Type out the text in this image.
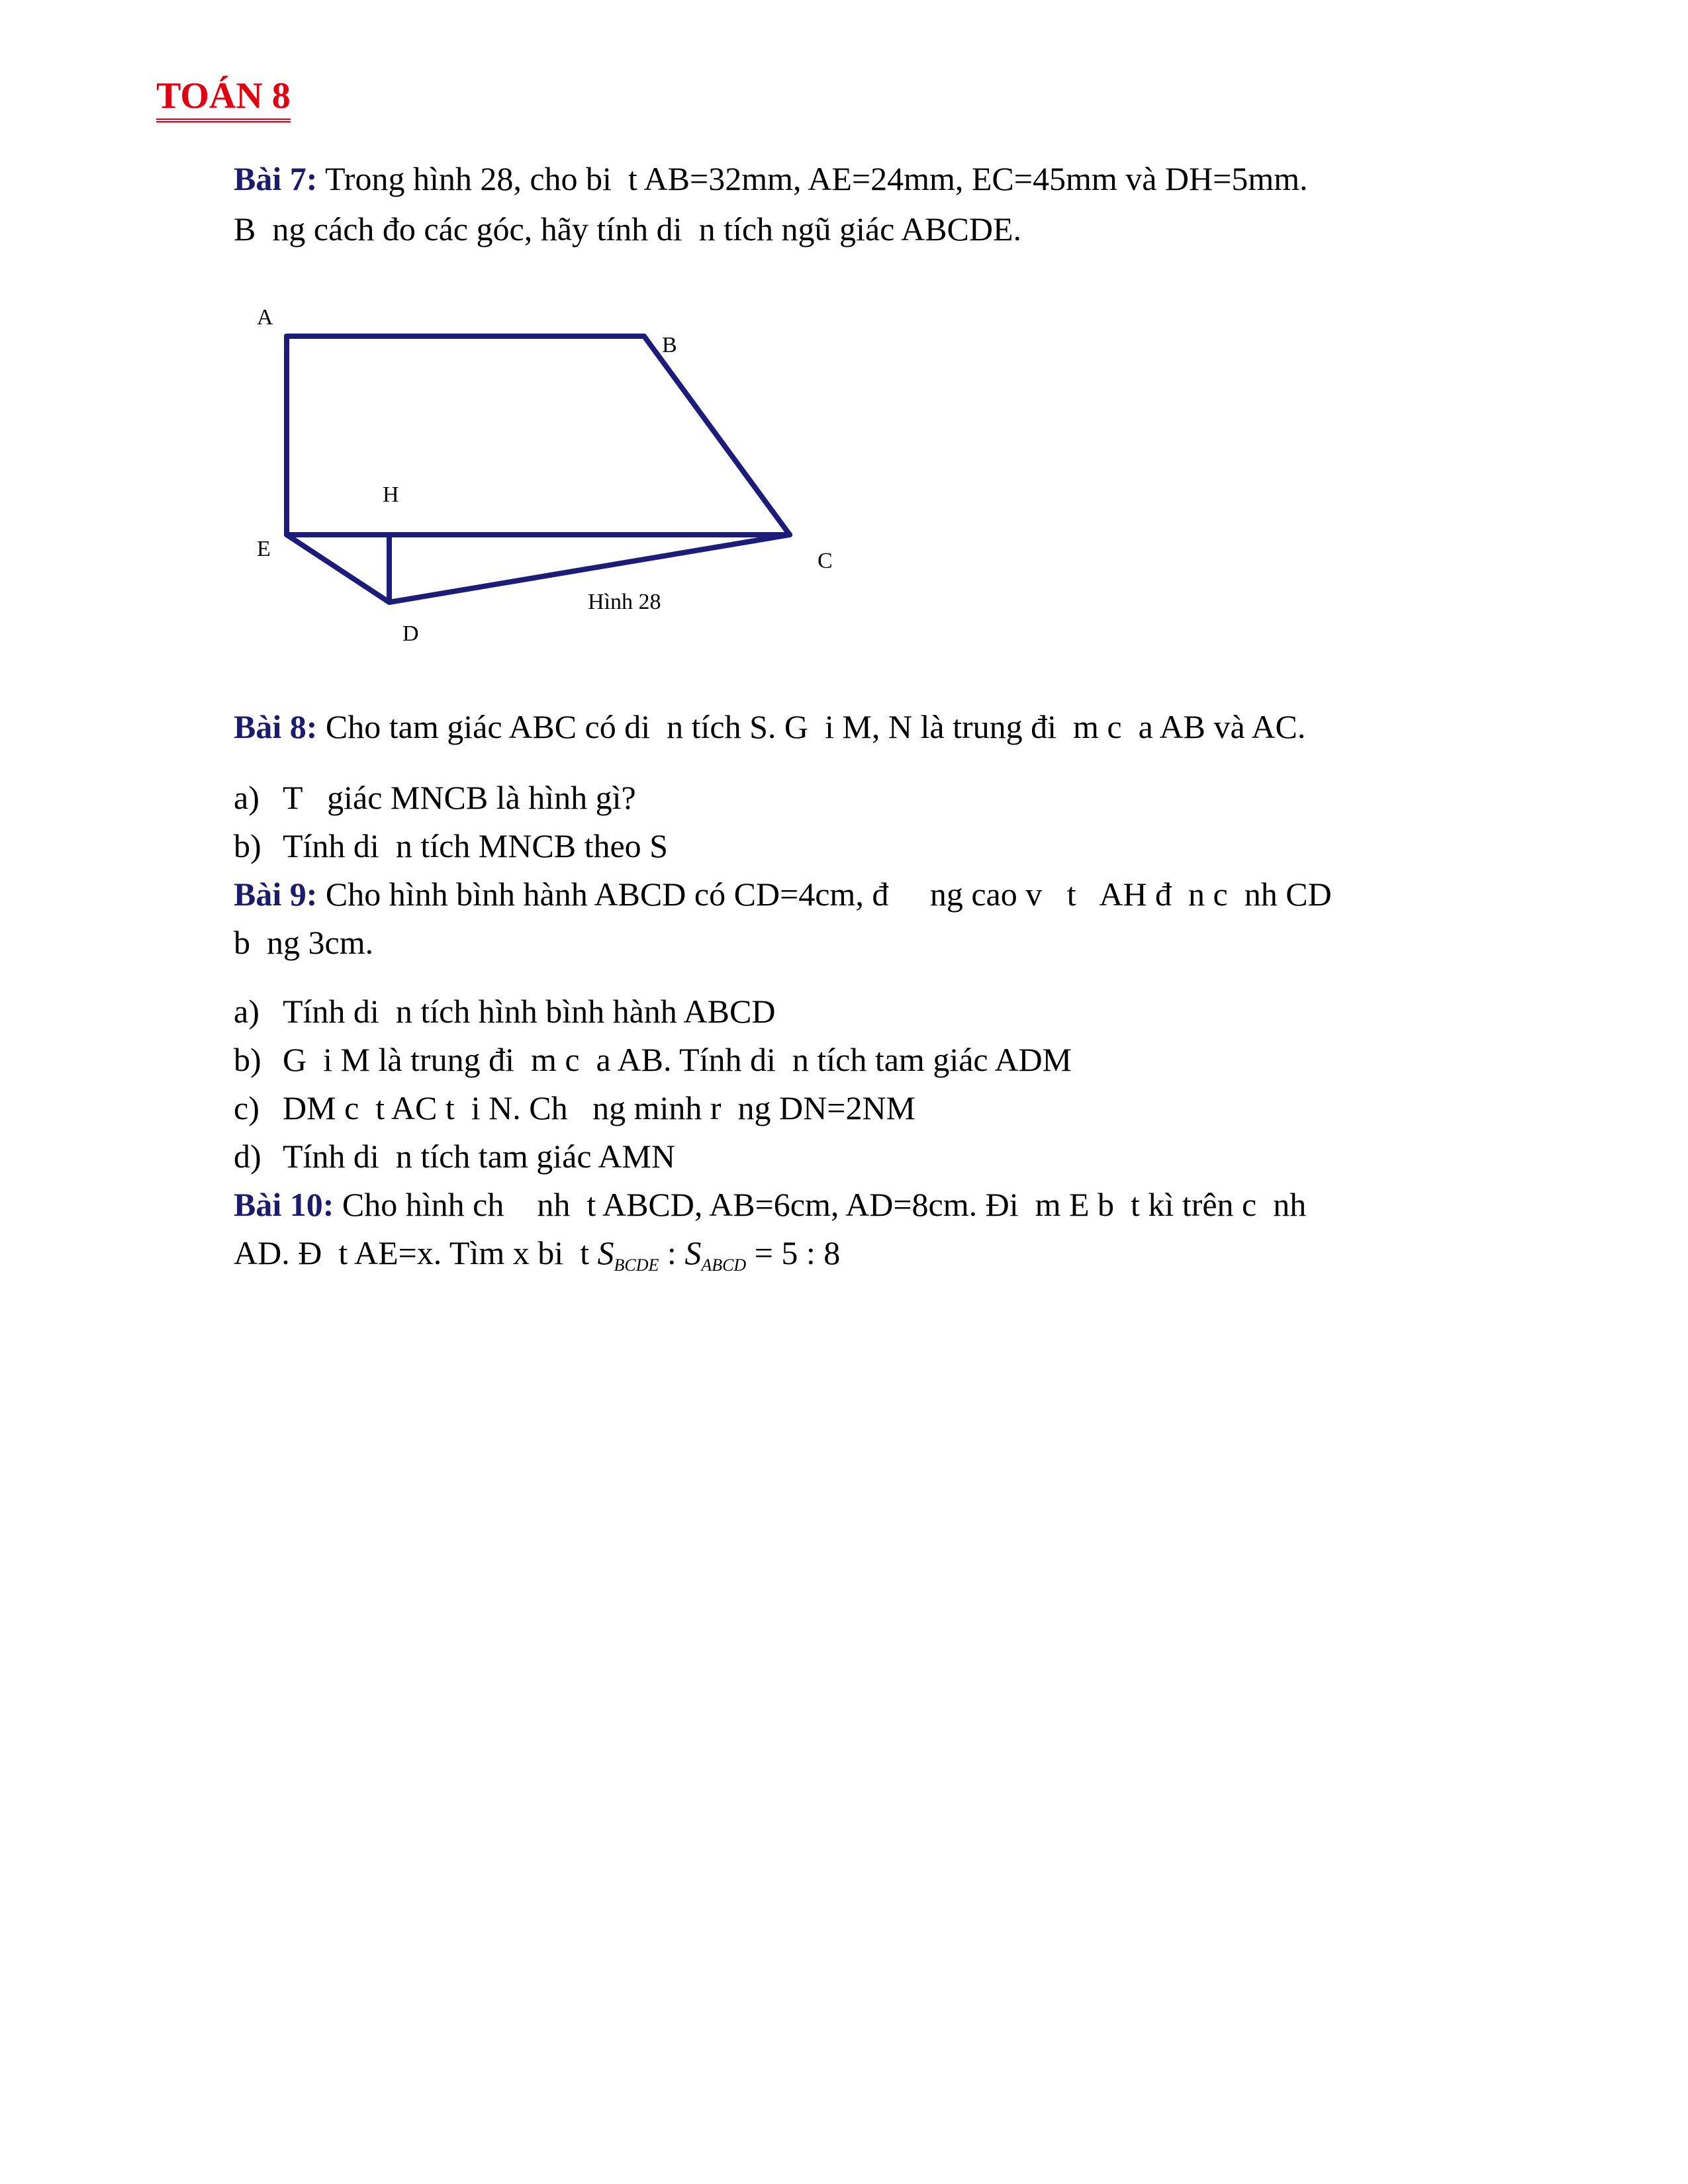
TOÁN 8
Bài 7: Trong hình 28, cho bi  t AB=32mm, AE=24mm, EC=45mm và DH=5mm.
B  ng cách đo các góc, hãy tính di  n tích ngũ giác ABCDE.
A
B
H
E	C
D
Hình 28
Bài 8: Cho tam giác ABC có di  n tích S. G  i M, N là trung đi  m c  a AB và AC.
a) T   giác MNCB là hình gì?
b) Tính di  n tích MNCB theo S
Bài 9: Cho hình bình hành ABCD có CD=4cm, đ     ng cao v   t   AH đ  n c  nh CD
b  ng 3cm.
a) Tính di  n tích hình bình hành ABCD
b) G  i M là trung đi  m c  a AB. Tính di  n tích tam giác ADM
c) DM c  t AC t  i N. Ch   ng minh r  ng DN=2NM
d) Tính di  n tích tam giác AMN
Bài 10: Cho hình ch    nh  t ABCD, AB=6cm, AD=8cm. Đi  m E b  t kì trên c  nh
AD. Đ  t AE=x. Tìm x bi  t $S_{BCDE}$ : $S_{ABCD} = 5$ : 8
